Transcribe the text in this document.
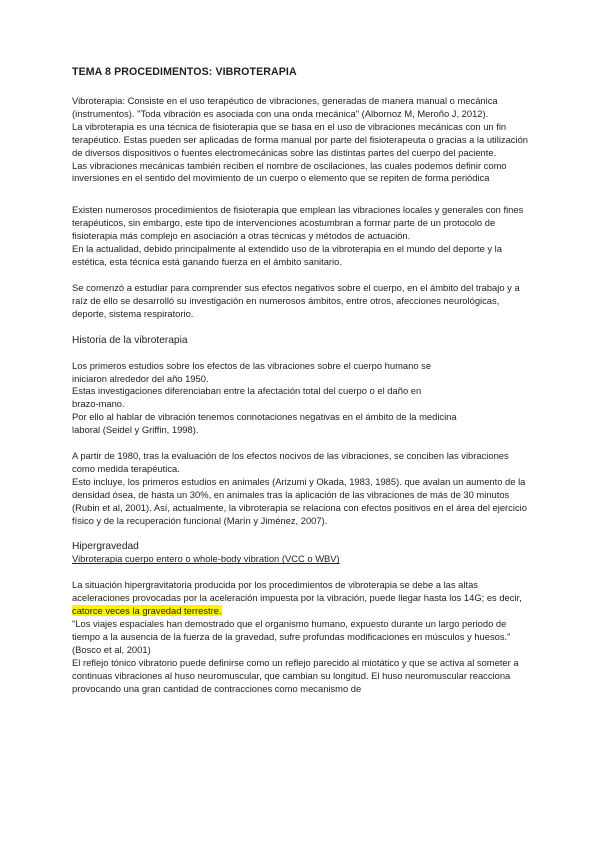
TEMA 8 PROCEDIMENTOS: VIBROTERAPIA

Vibroterapia: Consiste en el uso terapéutico de vibraciones, generadas de manera manual o mecánica (instrumentos). "Toda vibración es asociada con una onda mecánica" (Albornoz M, Meroño J, 2012).

La vibroterapia es una técnica de fisioterapia que se basa en el uso de vibraciones mecánicas con un fin terapéutico. Estas pueden ser aplicadas de forma manual por parte del fisioterapeuta o gracias a la utilización de diversos dispositivos o fuentes electromecánicas sobre las distintas partes del cuerpo del paciente.

Las vibraciones mecánicas también reciben el nombre de oscilaciones, las cuales podemos definir como inversiones en el sentido del movimiento de un cuerpo o elemento que se repiten de forma periódica

Existen numerosos procedimientos de fisioterapia que emplean las vibraciones locales y generales con fines terapéuticos, sin embargo, este tipo de intervenciones acostumbran a formar parte de un protocolo de fisioterapia más complejo en asociación a otras técnicas y métodos de actuación.

En la actualidad, debido principalmente al extendido uso de la vibroterapia en el mundo del deporte y la estética, esta técnica está ganando fuerza en el ámbito sanitario.

Se comenzó a estudiar para comprender sus efectos negativos sobre el cuerpo, en el ámbito del trabajo y a raíz de ello se desarrolló su investigación en numerosos ámbitos, entre otros, afecciones neurológicas, deporte, sistema respiratorio.

Historia de la vibroterapia

Los primeros estudios sobre los efectos de las vibraciones sobre el cuerpo humano se

iniciaron alrededor del año 1950.

Estas investigaciones diferenciaban entre la afectación total del cuerpo o el daño en

brazo-mano.

Por ello al hablar de vibración tenemos connotaciones negativas en el ámbito de la medicina

laboral (Seidel y Griffin, 1998).

A partir de 1980, tras la evaluación de los efectos nocivos de las vibraciones, se conciben las vibraciones como medida terapéutica.

Esto incluye, los primeros estudios en animales (Arizumi y Okada, 1983, 1985). que avalan un aumento de la densidad ósea, de hasta un 30%, en animales tras la aplicación de las vibraciones de más de 30 minutos (Rubin et al, 2001). Así, actualmente, la vibroterapia se relaciona con efectos positivos en el área del ejercicio físico y de la recuperación funcional (Marín y Jiménez, 2007).

Hipergravedad

Vibroterapia cuerpo entero o whole-body vibration (VCC o WBV)

La situación hipergravitatoria producida por los procedimientos de vibroterapia se debe a las altas aceleraciones provocadas por la aceleración impuesta por la vibración, puede llegar hasta los 14G; es decir, catorce veces la gravedad terrestre.

"Los viajes espaciales han demostrado que el organismo humano, expuesto durante un largo periodo de tiempo a la ausencia de la fuerza de la gravedad, sufre profundas modificaciones en músculos y huesos." (Bosco et al, 2001)

El reflejo tónico vibratorio puede definirse como un reflejo parecido al miotático y que se activa al someter a continuas vibraciones al huso neuromuscular, que cambian su longitud. El huso neuromuscular reacciona provocando una gran cantidad de contracciones como mecanismo de
